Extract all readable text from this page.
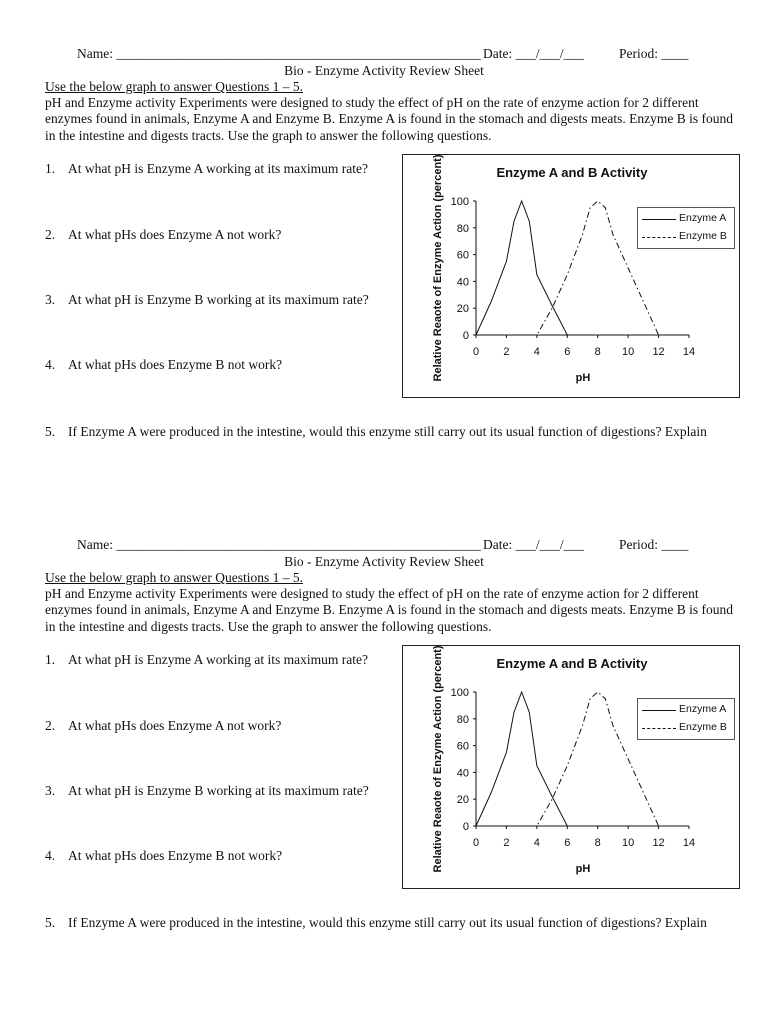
Name: ______________________________________________________ Date: ___/___/___	Period: ____
Bio - Enzyme Activity Review Sheet
Use the below graph to answer Questions 1 – 5.
pH and Enzyme activity Experiments were designed to study the effect of pH on the rate of enzyme action for 2 different enzymes found in animals, Enzyme A and Enzyme B. Enzyme A is found in the stomach and digests meats. Enzyme B is found in the intestine and digests tracts. Use the graph to answer the following questions.
1. At what pH is Enzyme A working at its maximum rate?
2. At what pHs does Enzyme A not work?
3. At what pH is Enzyme B working at its maximum rate?
4. At what pHs does Enzyme B not work?
5. If Enzyme A were produced in the intestine, would this enzyme still carry out its usual function of digestions? Explain
0
20
40
60
80
100
0 2 4 6 8 10 12 14
Enzyme A and B Activity
Relative Reaote of Enzyme Action (percent)	pH
Enzyme A
Enzyme B
Name: ______________________________________________________ Date: ___/___/___	Period: ____
Bio - Enzyme Activity Review Sheet
Use the below graph to answer Questions 1 – 5.
pH and Enzyme activity Experiments were designed to study the effect of pH on the rate of enzyme action for 2 different enzymes found in animals, Enzyme A and Enzyme B. Enzyme A is found in the stomach and digests meats. Enzyme B is found in the intestine and digests tracts. Use the graph to answer the following questions.
1. At what pH is Enzyme A working at its maximum rate?
2. At what pHs does Enzyme A not work?
3. At what pH is Enzyme B working at its maximum rate?
4. At what pHs does Enzyme B not work?
5. If Enzyme A were produced in the intestine, would this enzyme still carry out its usual function of digestions? Explain
0
20
40
60
80
100
0 2 4 6 8 10 12 14
Enzyme A and B Activity
Relative Reaote of Enzyme Action (percent)	pH
Enzyme A
Enzyme B
